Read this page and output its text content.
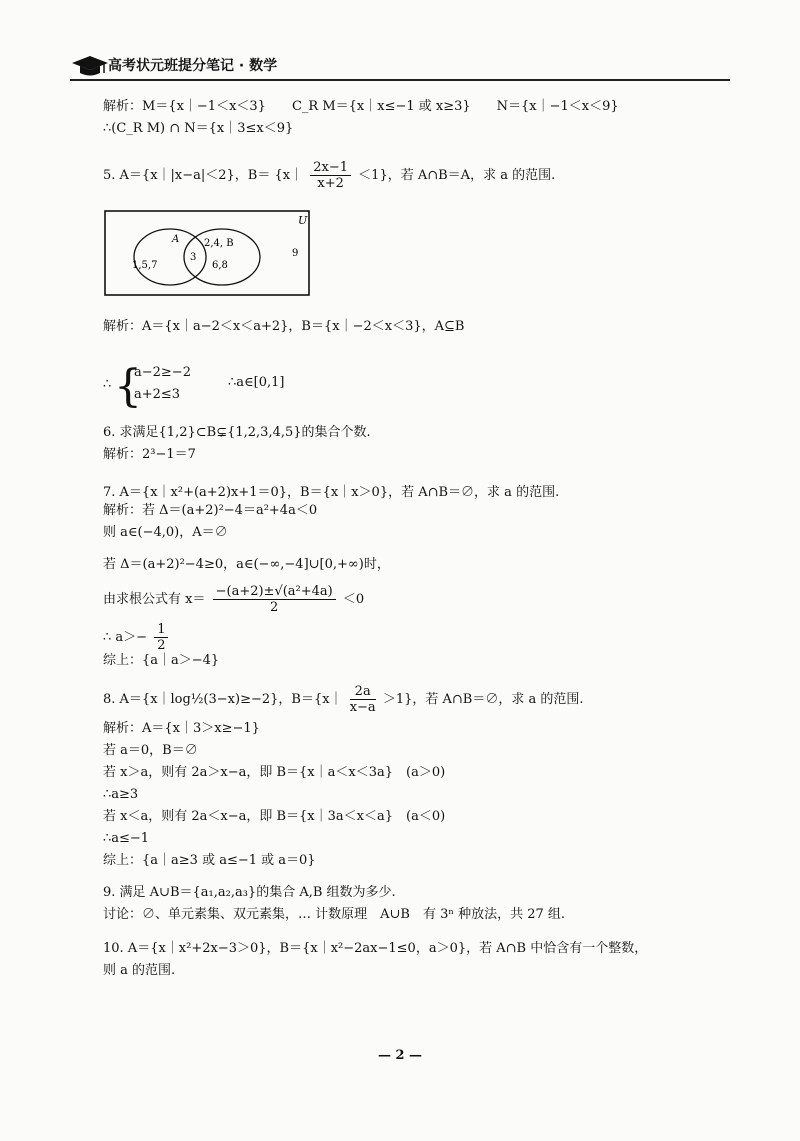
高考状元班提分笔记 · 数学
解析：M＝{x｜−1＜x＜3}　　C_R M＝{x｜x≤−1 或 x≥3}　　N＝{x｜−1＜x＜9}
∴(C_R M) ∩ N＝{x｜3≤x＜9}
5. A＝{x｜|x−a|＜2}，B＝ {x｜ $\frac{2x-1}{x+2} <1$}，若 A∩B＝A，求 a 的范围.
U
A 2,4, B
1,5,7
3
6,8
9
解析：A＝{x｜a−2＜x＜a+2}，B＝{x｜−2＜x＜3}，A⊆B
∴ {
a−2≥−2
a+2≤3
∴a∈[0,1]
6. 求满足{1,2}⊂B⊊{1,2,3,4,5}的集合个数.
解析：2³−1＝7
7. A＝{x｜x²+(a+2)x+1＝0}，B＝{x｜x＞0}，若 A∩B＝∅，求 a 的范围.
解析：若 Δ＝(a+2)²−4＝a²+4a＜0
则 a∈(−4,0)，A＝∅
若 Δ＝(a+2)²−4≥0，a∈(−∞,−4]∪[0,+∞)时，
由求根公式有 $x= \frac{\text{−(a+2)±√(a²+4a)}}{2} <0$
∴ $a>- \frac{1}{2}$
综上：{a｜a＞−4}
8. A＝{x｜log½(3−x)≥−2}，B＝{x｜ $\frac{2a}{x-a} >1$}，若 A∩B＝∅，求 a 的范围.
解析：A＝{x｜3＞x≥−1}
若 a＝0，B＝∅
若 x＞a，则有 2a＞x−a，即 B＝{x｜a＜x＜3a}　(a＞0)
∴a≥3
若 x＜a，则有 2a＜x−a，即 B＝{x｜3a＜x＜a}　(a＜0)
∴a≤−1
综上：{a｜a≥3 或 a≤−1 或 a＝0}
9. 满足 A∪B＝{a₁,a₂,a₃}的集合 A,B 组数为多少.
讨论：∅、单元素集、双元素集，… 计数原理　A∪B　有 3ⁿ 种放法，共 27 组.
10. A＝{x｜x²+2x−3＞0}，B＝{x｜x²−2ax−1≤0，a＞0}，若 A∩B 中恰含有一个整数，
则 a 的范围.
— 2 —
